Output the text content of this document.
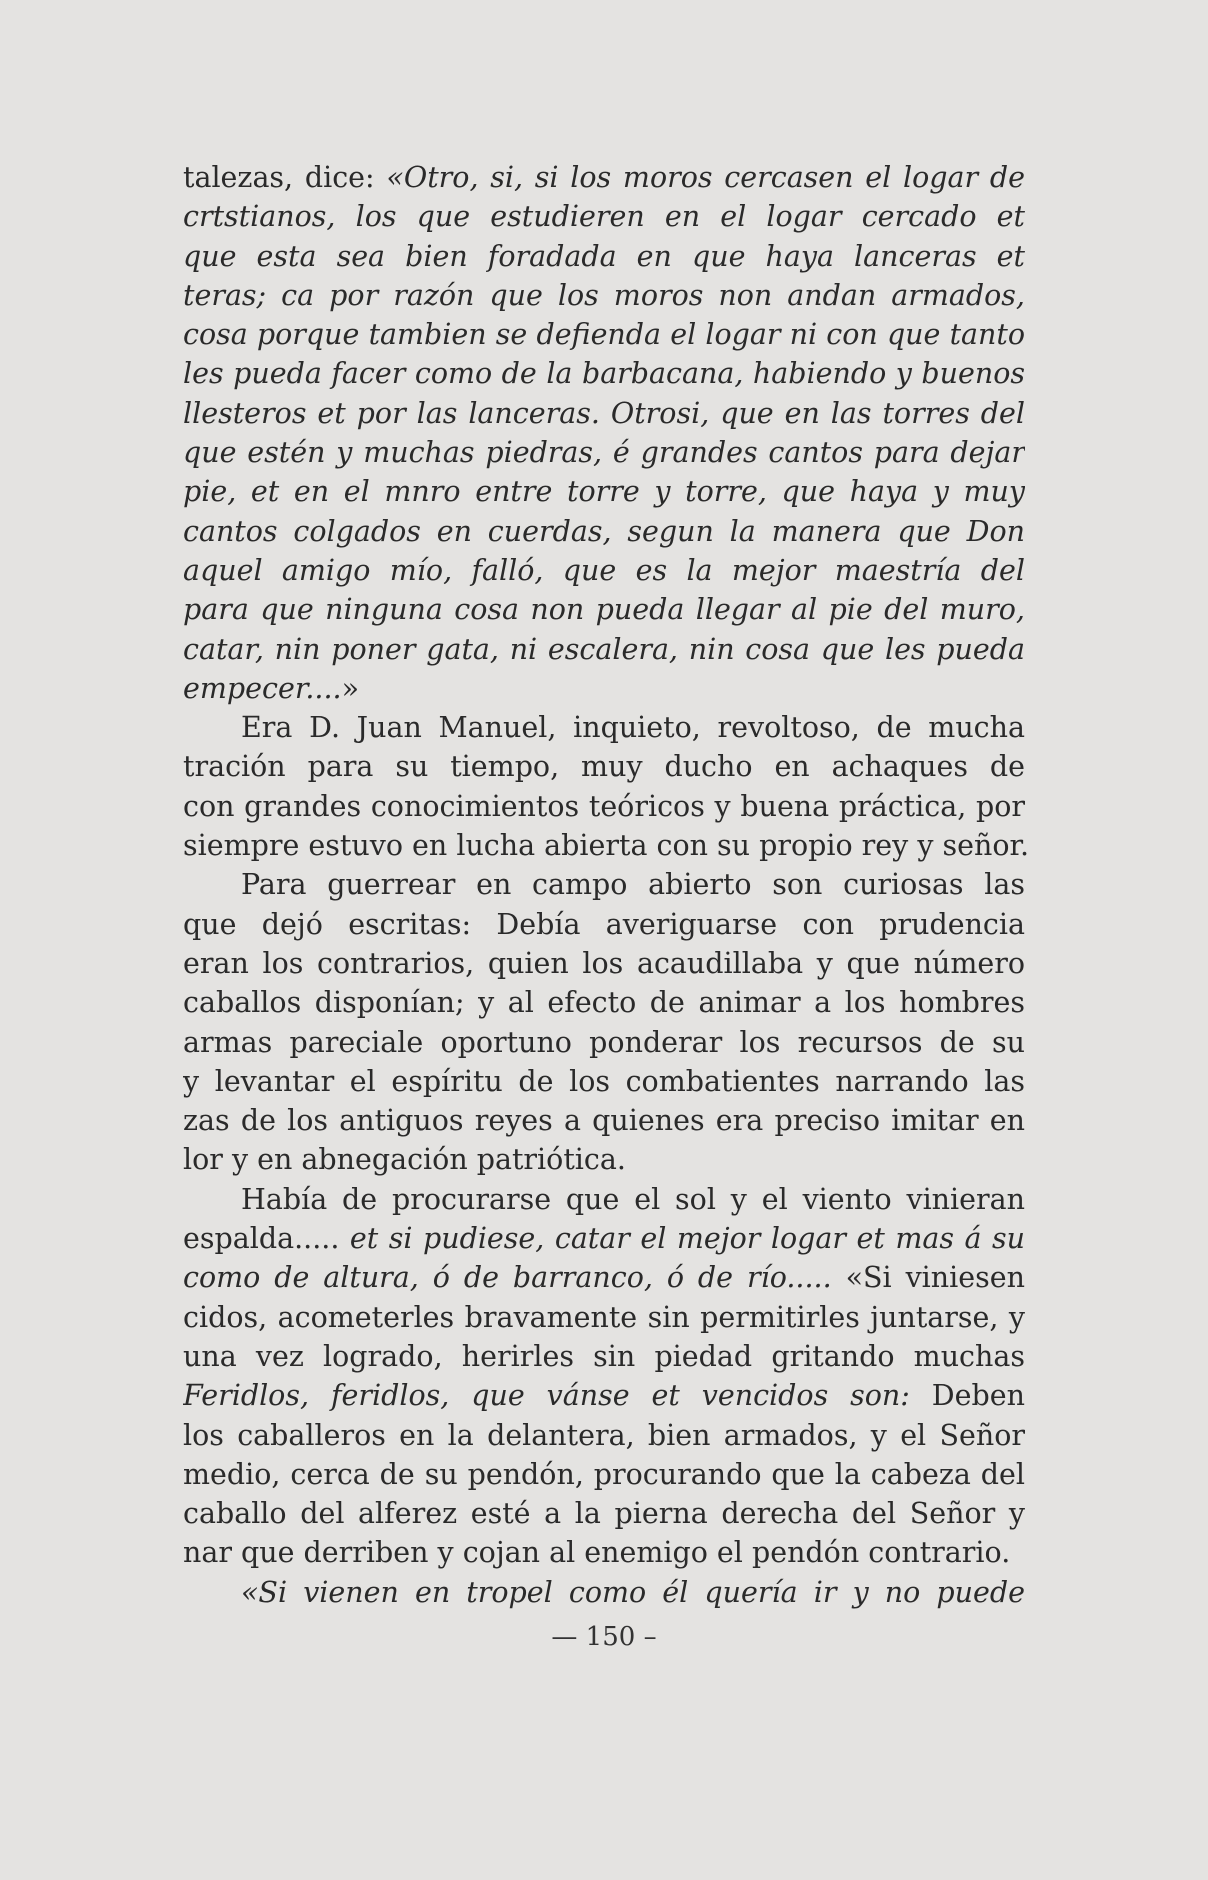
talezas, dice: «Otro, si, si los moros cercasen el logar de
crtstianos, los que estudieren en el logar cercado et
que esta sea bien foradada en que haya lanceras et
teras; ca por razón que los moros non andan armados,
cosa porque tambien se defienda el logar ni con que tanto
les pueda facer como de la barbacana, habiendo y buenos
llesteros et por las lanceras. Otrosi, que en las torres del
que estén y muchas piedras, é grandes cantos para dejar
pie, et en el mnro entre torre y torre, que haya y muy
cantos colgados en cuerdas, segun la manera que Don
aquel amigo mío, falló, que es la mejor maestría del
para que ninguna cosa non pueda llegar al pie del muro,
catar, nin poner gata, ni escalera, nin cosa que les pueda
empecer....»
Era D. Juan Manuel, inquieto, revoltoso, de mucha
tración para su tiempo, muy ducho en achaques de
con grandes conocimientos teóricos y buena práctica, por
siempre estuvo en lucha abierta con su propio rey y señor.
Para guerrear en campo abierto son curiosas las
que dejó escritas: Debía averiguarse con prudencia
eran los contrarios, quien los acaudillaba y que número
caballos disponían; y al efecto de animar a los hombres
armas pareciale oportuno ponderar los recursos de su
y levantar el espíritu de los combatientes narrando las
zas de los antiguos reyes a quienes era preciso imitar en
lor y en abnegación patriótica.
Había de procurarse que el sol y el viento vinieran
espalda..... et si pudiese, catar el mejor logar et mas á su
como de altura, ó de barranco, ó de río..... «Si viniesen
cidos, acometerles bravamente sin permitirles juntarse, y
una vez logrado, herirles sin piedad gritando muchas
Feridlos, feridlos, que vánse et vencidos son: Deben
los caballeros en la delantera, bien armados, y el Señor
medio, cerca de su pendón, procurando que la cabeza del
caballo del alferez esté a la pierna derecha del Señor y
nar que derriben y cojan al enemigo el pendón contrario.
«Si vienen en tropel como él quería ir y no puede
— 150 –
